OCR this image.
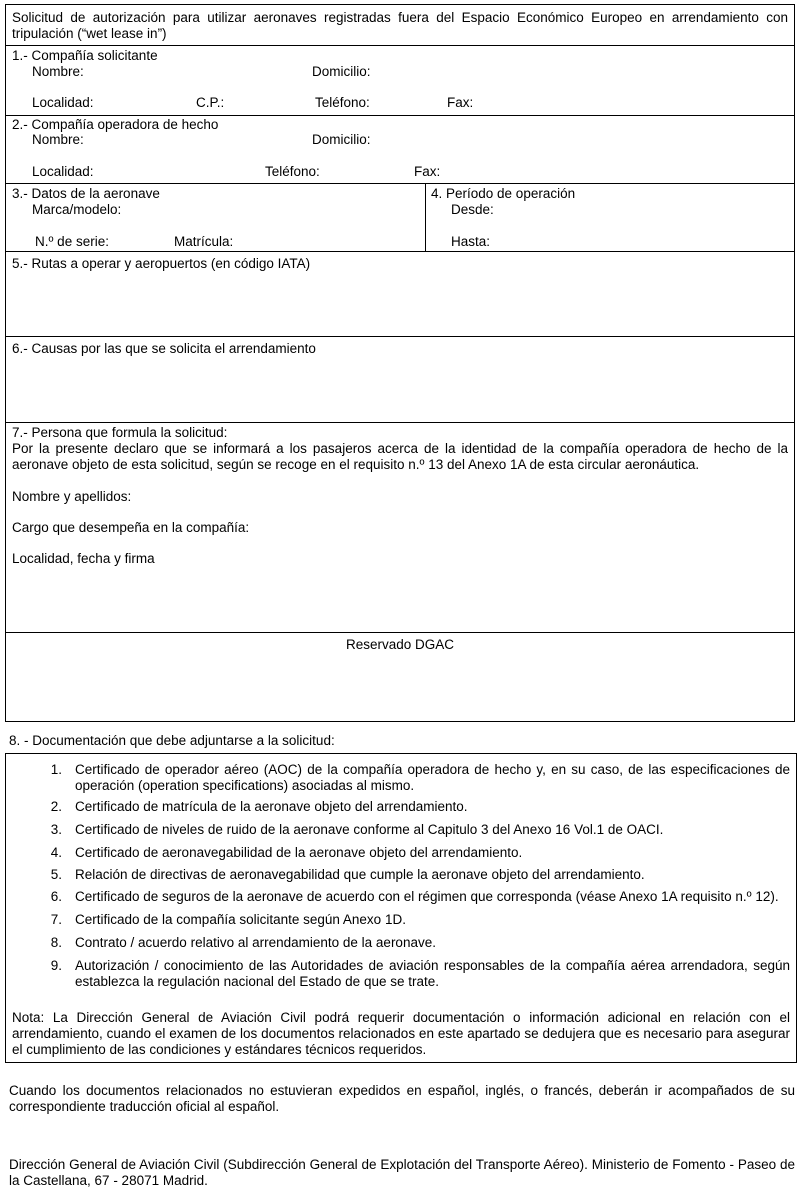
Solicitud de autorización para utilizar aeronaves registradas fuera del Espacio Económico Europeo en arrendamiento con tripulación (“wet lease in”)
1.- Compañía solicitante
Nombre:	Domicilio:
Localidad:	C.P.:	Teléfono:	Fax:
2.- Compañía operadora de hecho
Nombre:	Domicilio:
Localidad:	Teléfono:	Fax:
3.- Datos de la aeronave
Marca/modelo:
N.º de serie:	Matrícula:
4. Período de operación
Desde:
Hasta:
5.- Rutas a operar y aeropuertos (en código IATA)
6.- Causas por las que se solicita el arrendamiento
7.- Persona que formula la solicitud:
Por la presente declaro que se informará a los pasajeros acerca de la identidad de la compañía operadora de hecho de la aeronave objeto de esta solicitud, según se recoge en el requisito n.º 13 del Anexo 1A de esta circular aeronáutica.
Nombre y apellidos:
Cargo que desempeña en la compañía:
Localidad, fecha y firma
Reservado DGAC
8. - Documentación que debe adjuntarse a la solicitud:
1. Certificado de operador aéreo (AOC) de la compañía operadora de hecho y, en su caso, de las especificaciones de operación (operation specifications) asociadas al mismo.
2. Certificado de matrícula de la aeronave objeto del arrendamiento.
3. Certificado de niveles de ruido de la aeronave conforme al Capitulo 3 del Anexo 16 Vol.1 de OACI.
4. Certificado de aeronavegabilidad de la aeronave objeto del arrendamiento.
5. Relación de directivas de aeronavegabilidad que cumple la aeronave objeto del arrendamiento.
6. Certificado de seguros de la aeronave de acuerdo con el régimen que corresponda (véase Anexo 1A requisito n.º 12).
7. Certificado de la compañía solicitante según Anexo 1D.
8. Contrato / acuerdo relativo al arrendamiento de la aeronave.
9. Autorización / conocimiento de las Autoridades de aviación responsables de la compañía aérea arrendadora, según establezca la regulación nacional del Estado de que se trate.
Nota: La Dirección General de Aviación Civil podrá requerir documentación o información adicional en relación con el arrendamiento, cuando el examen de los documentos relacionados en este apartado se dedujera que es necesario para asegurar el cumplimiento de las condiciones y estándares técnicos requeridos.
Cuando los documentos relacionados no estuvieran expedidos en español, inglés, o francés, deberán ir acompañados de su correspondiente traducción oficial al español.
Dirección General de Aviación Civil (Subdirección General de Explotación del Transporte Aéreo). Ministerio de Fomento - Paseo de la Castellana, 67 - 28071 Madrid.
